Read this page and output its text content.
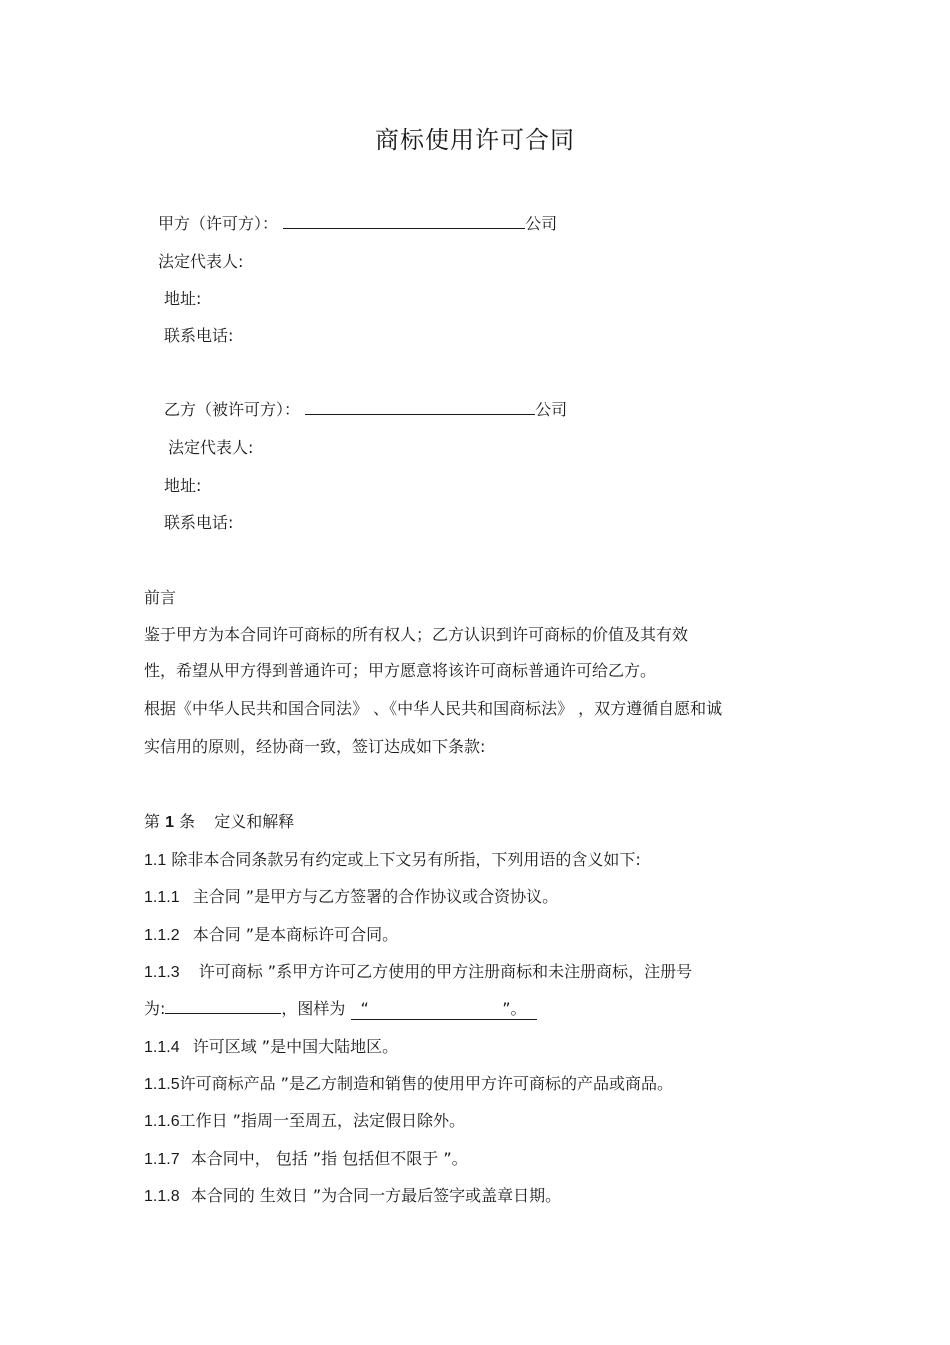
商标使用许可合同
甲方（许可方）：	公司
法定代表人:
地址:
联系电话:
乙方（被许可方）：	公司
法定代表人:
地址:
联系电话:
前言
鉴于甲方为本合同许可商标的所有权人；乙方认识到许可商标的价值及其有效
性，希望从甲方得到普通许可；甲方愿意将该许可商标普通许可给乙方。
根据《中华人民共和国合同法》 、《中华人民共和国商标法》 ，双方遵循自愿和诚
实信用的原则，经协商一致，签订达成如下条款:
第 1 条 定义和解释
1.1 除非本合同条款另有约定或上下文另有所指，下列用语的含义如下:
1.1.1 主合同 ”是甲方与乙方签署的合作协议或合资协议。
1.1.2 本合同 ”是本商标许可合同。
1.1.3 许可商标 ”系甲方许可乙方使用的甲方注册商标和未注册商标，注册号
为:	，图样为 “	”。
1.1.4 许可区域 ”是中国大陆地区。
1.1.5许可商标产品 ”是乙方制造和销售的使用甲方许可商标的产品或商品。
1.1.6工作日 ”指周一至周五，法定假日除外。
1.1.7 本合同中， 包括 ”指 包括但不限于 ”。
1.1.8 本合同的 生效日 ”为合同一方最后签字或盖章日期。
